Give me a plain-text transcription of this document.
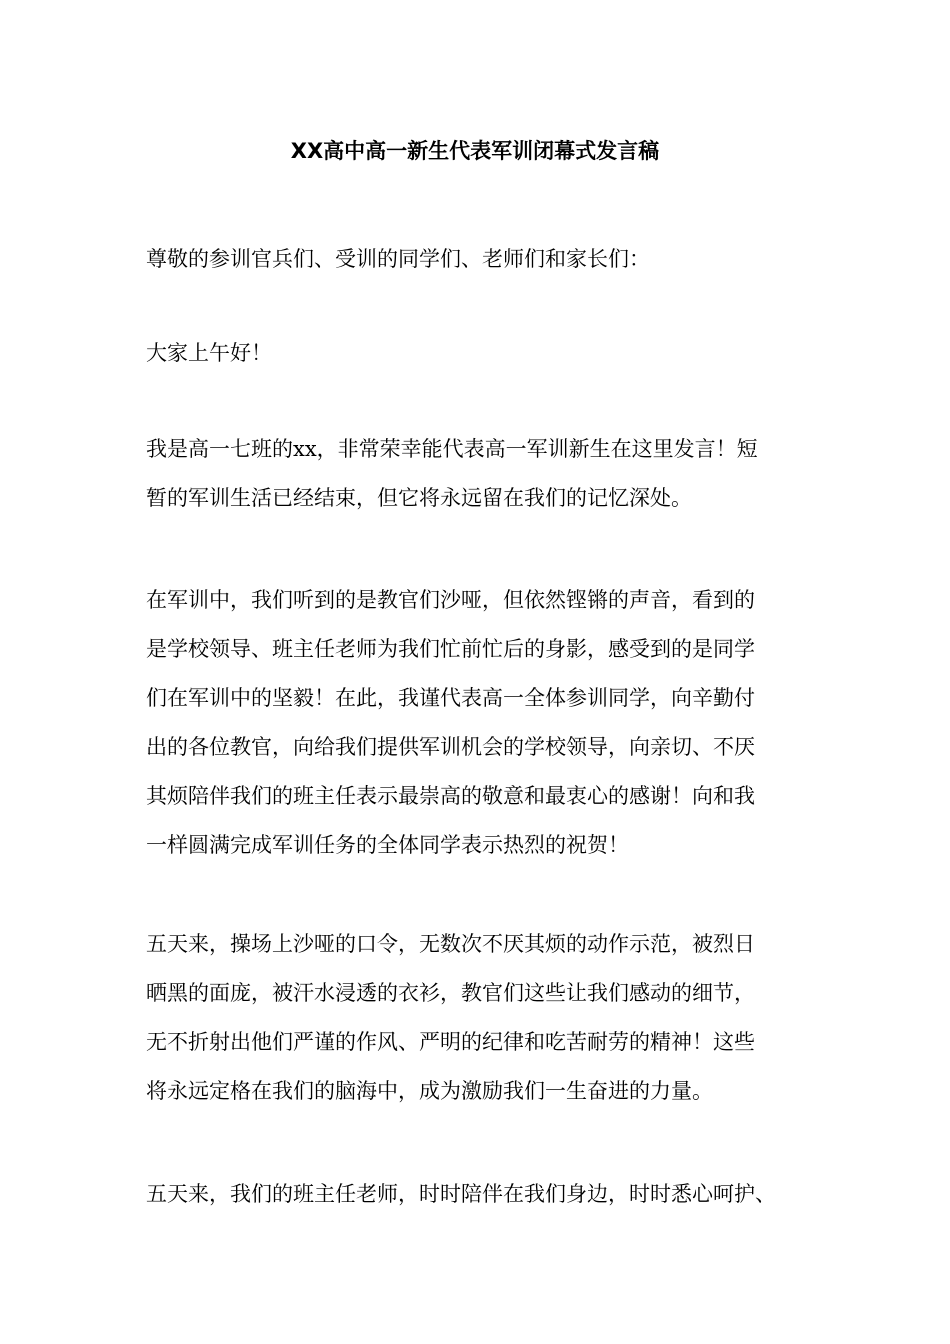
XX高中高一新生代表军训闭幕式发言稿

尊敬的参训官兵们、受训的同学们、老师们和家长们：

大家上午好！

我是高一七班的xx，非常荣幸能代表高一军训新生在这里发言！短
暂的军训生活已经结束，但它将永远留在我们的记忆深处。

在军训中，我们听到的是教官们沙哑，但依然铿锵的声音，看到的
是学校领导、班主任老师为我们忙前忙后的身影，感受到的是同学
们在军训中的坚毅！在此，我谨代表高一全体参训同学，向辛勤付
出的各位教官，向给我们提供军训机会的学校领导，向亲切、不厌
其烦陪伴我们的班主任表示最崇高的敬意和最衷心的感谢！向和我
一样圆满完成军训任务的全体同学表示热烈的祝贺！

五天来，操场上沙哑的口令，无数次不厌其烦的动作示范，被烈日
晒黑的面庞，被汗水浸透的衣衫，教官们这些让我们感动的细节，
无不折射出他们严谨的作风、严明的纪律和吃苦耐劳的精神！这些
将永远定格在我们的脑海中，成为激励我们一生奋进的力量。

五天来，我们的班主任老师，时时陪伴在我们身边，时时悉心呵护、
